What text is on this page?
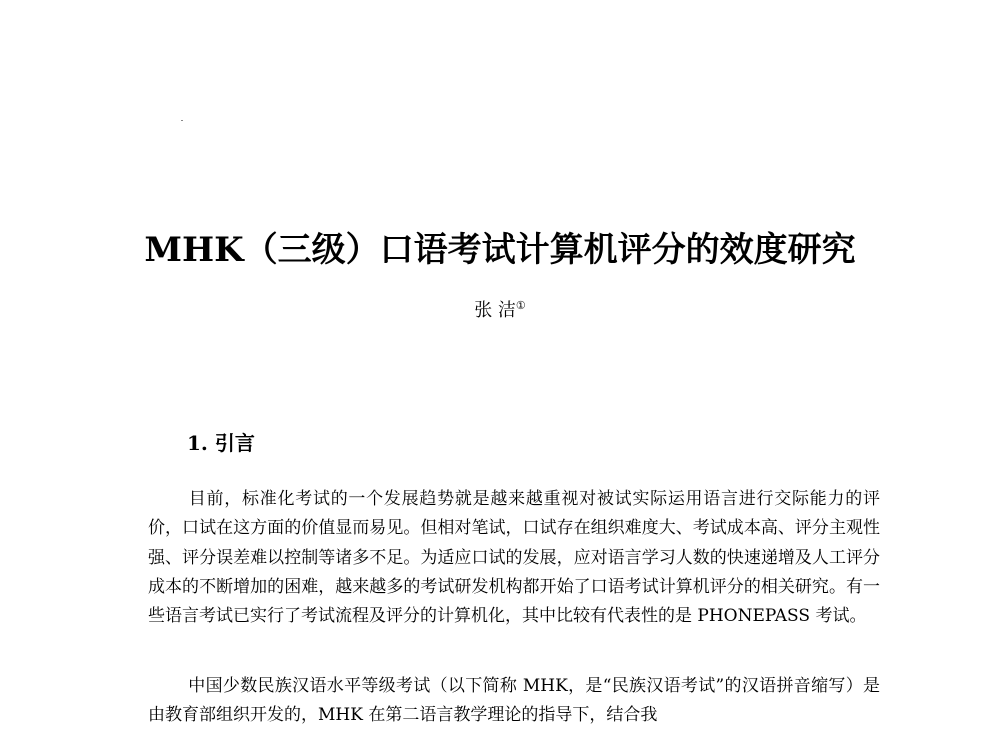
MHK（三级）口语考试计算机评分的效度研究
张 洁①
1. 引言
目前，标准化考试的一个发展趋势就是越来越重视对被试实际运用语言进行交际能力的评价，口试在这方面的价值显而易见。但相对笔试，口试存在组织难度大、考试成本高、评分主观性强、评分误差难以控制等诸多不足。为适应口试的发展，应对语言学习人数的快速递增及人工评分成本的不断增加的困难，越来越多的考试研发机构都开始了口语考试计算机评分的相关研究。有一些语言考试已实行了考试流程及评分的计算机化，其中比较有代表性的是 PHONEPASS 考试。
中国少数民族汉语水平等级考试（以下简称 MHK，是“民族汉语考试”的汉语拼音缩写）是由教育部组织开发的，MHK 在第二语言教学理论的指导下，结合我
